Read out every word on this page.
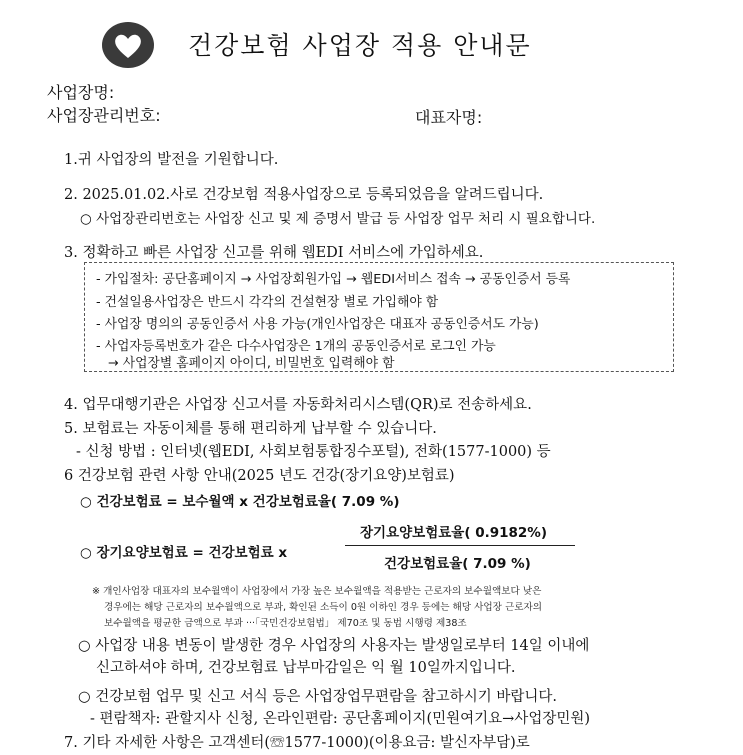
건강보험 사업장 적용 안내문
사업장명:
사업장관리번호:	대표자명:
1.귀 사업장의 발전을 기원합니다.
2. 2025.01.02.사로 건강보험 적용사업장으로 등록되었음을 알려드립니다.
○ 사업장관리번호는 사업장 신고 및 제 증명서 발급 등 사업장 업무 처리 시 필요합니다.
3. 정확하고 빠른 사업장 신고를 위해 웹EDI 서비스에 가입하세요.
- 가입절차: 공단홈페이지 → 사업장회원가입 → 웹EDI서비스 접속 → 공동인증서 등록
- 건설일용사업장은 반드시 각각의 건설현장 별로 가입해야 함
- 사업장 명의의 공동인증서 사용 가능(개인사업장은 대표자 공동인증서도 가능)
- 사업자등록번호가 같은 다수사업장은 1개의 공동인증서로 로그인 가능
→ 사업장별 홈페이지 아이디, 비밀번호 입력해야 함
4. 업무대행기관은 사업장 신고서를 자동화처리시스템(QR)로 전송하세요.
5. 보험료는 자동이체를 통해 편리하게 납부할 수 있습니다.
- 신청 방법 : 인터넷(웹EDI, 사회보험통합징수포털), 전화(1577-1000) 등
6 건강보험 관련 사항 안내(2025 년도 건강(장기요양)보험료)
○ 건강보험료 = 보수월액 x 건강보험료율( 7.09 %)
장기요양보험료율( 0.9182%)
○ 장기요양보험료 = 건강보험료 x
건강보험료율( 7.09 %)
※ 개인사업장 대표자의 보수월액이 사업장에서 가장 높은 보수월액을 적용받는 근로자의 보수월액보다 낮은
경우에는 해당 근로자의 보수월액으로 부과, 확인된 소득이 0원 이하인 경우 등에는 해당 사업장 근로자의
보수월액을 평균한 금액으로 부과 ···「국민건강보험법」 제70조 및 동법 시행령 제38조
○ 사업장 내용 변동이 발생한 경우 사업장의 사용자는 발생일로부터 14일 이내에
신고하셔야 하며, 건강보험료 납부마감일은 익 월 10일까지입니다.
○ 건강보험 업무 및 신고 서식 등은 사업장업무편람을 참고하시기 바랍니다.
- 편람책자: 관할지사 신청, 온라인편람: 공단홈페이지(민원여기요→사업장민원)
7. 기타 자세한 사항은 고객센터(☏1577-1000)(이용요금: 발신자부담)로
